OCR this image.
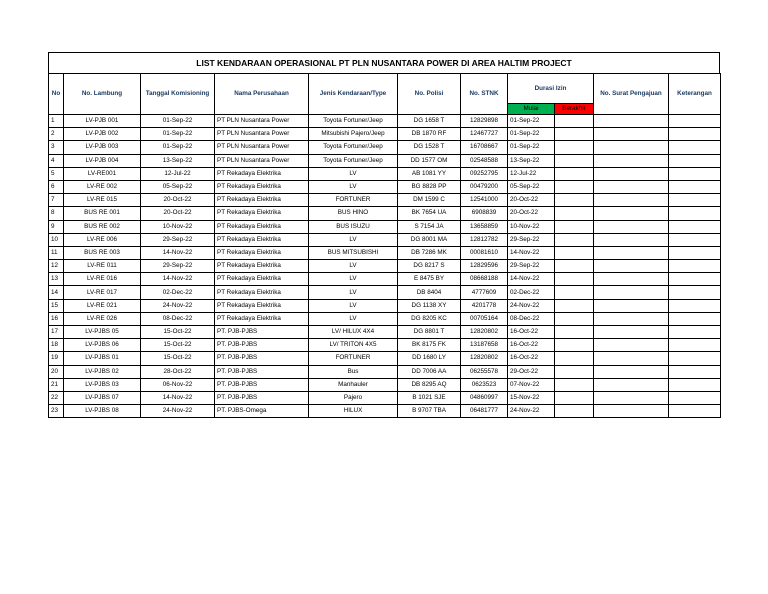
LIST KENDARAAN OPERASIONAL PT PLN NUSANTARA POWER DI AREA HALTIM PROJECT
No	No. Lambung	Tanggal Komisioning	Nama Perusahaan	Jenis Kendaraan/Type	No. Polisi	No. STNK	Durasi Izin		No. Surat Pengajuan	Keterangan
							Mulai	Berakhir		
1	LV-PJB 001	01-Sep-22	PT PLN Nusantara Power	Toyota Fortuner/Jeep	DG 1658 T	12829898	01-Sep-22			
2	LV-PJB 002	01-Sep-22	PT PLN Nusantara Power	Mitsubishi Pajero/Jeep	DB 1870 RF	12467727	01-Sep-22			
3	LV-PJB 003	01-Sep-22	PT PLN Nusantara Power	Toyota Fortuner/Jeep	DG 1528 T	16708667	01-Sep-22			
4	LV-PJB 004	13-Sep-22	PT PLN Nusantara Power	Toyota Fortuner/Jeep	DD 1577 OM	02548588	13-Sep-22			
5	LV-RE001	12-Jul-22	PT Rekadaya Elektrika	LV	AB 1081 YY	09252795	12-Jul-22			
6	LV-RE 002	05-Sep-22	PT Rekadaya Elektrika	LV	BG 8828 PP	00479200	05-Sep-22			
7	LV-RE 015	20-Oct-22	PT Rekadaya Elektrika	FORTUNER	DM 1599 C	12541000	20-Oct-22			
8	BUS RE 001	20-Oct-22	PT Rekadaya Elektrika	BUS HINO	BK 7654 UA	6908839	20-Oct-22			
9	BUS RE 002	10-Nov-22	PT Rekadaya Elektrika	BUS ISUZU	S 7154 JA	13658859	10-Nov-22			
10	LV-RE 006	29-Sep-22	PT Rekadaya Elektrika	LV	DG 8001 MA	12812782	29-Sep-22			
11	BUS RE 003	14-Nov-22	PT Rekadaya Elektrika	BUS MITSUBISHI	DB 7286 MK	00081610	14-Nov-22			
12	LV-RE 011	29-Sep-22	PT Rekadaya Elektrika	LV	DG 8217 S	12829596	29-Sep-22			
13	LV-RE 016	14-Nov-22	PT Rekadaya Elektrika	LV	E 8475 BY	08668188	14-Nov-22			
14	LV-RE 017	02-Dec-22	PT Rekadaya Elektrika	LV	DB 8404	4777609	02-Dec-22			
15	LV-RE 021	24-Nov-22	PT Rekadaya Elektrika	LV	DG 1138 XY	4201778	24-Nov-22			
16	LV-RE 026	08-Dec-22	PT Rekadaya Elektrika	LV	DG 8205 KC	00705164	08-Dec-22			
17	LV-PJBS 05	15-Oct-22	PT. PJB-PJBS	LV/ HILUX 4X4	DG 8801 T	12820802	16-Oct-22			
18	LV-PJBS 06	15-Oct-22	PT. PJB-PJBS	LV/ TRITON 4X5	BK 8175 FK	13187658	16-Oct-22			
19	LV-PJBS 01	15-Oct-22	PT. PJB-PJBS	FORTUNER	DD 1680 LY	12820802	16-Oct-22			
20	LV-PJBS 02	28-Oct-22	PT. PJB-PJBS	Bus	DD 7006 AA	06255578	29-Oct-22			
21	LV-PJBS 03	06-Nov-22	PT. PJB-PJBS	Manhauler	DB 8295 AQ	0623523	07-Nov-22			
22	LV-PJBS 07	14-Nov-22	PT. PJB-PJBS	Pajero	B 1021 SJE	04860997	15-Nov-22			
23	LV-PJBS 08	24-Nov-22	PT. PJBS-Omega	HILUX	B 9707 TBA	06481777	24-Nov-22			
